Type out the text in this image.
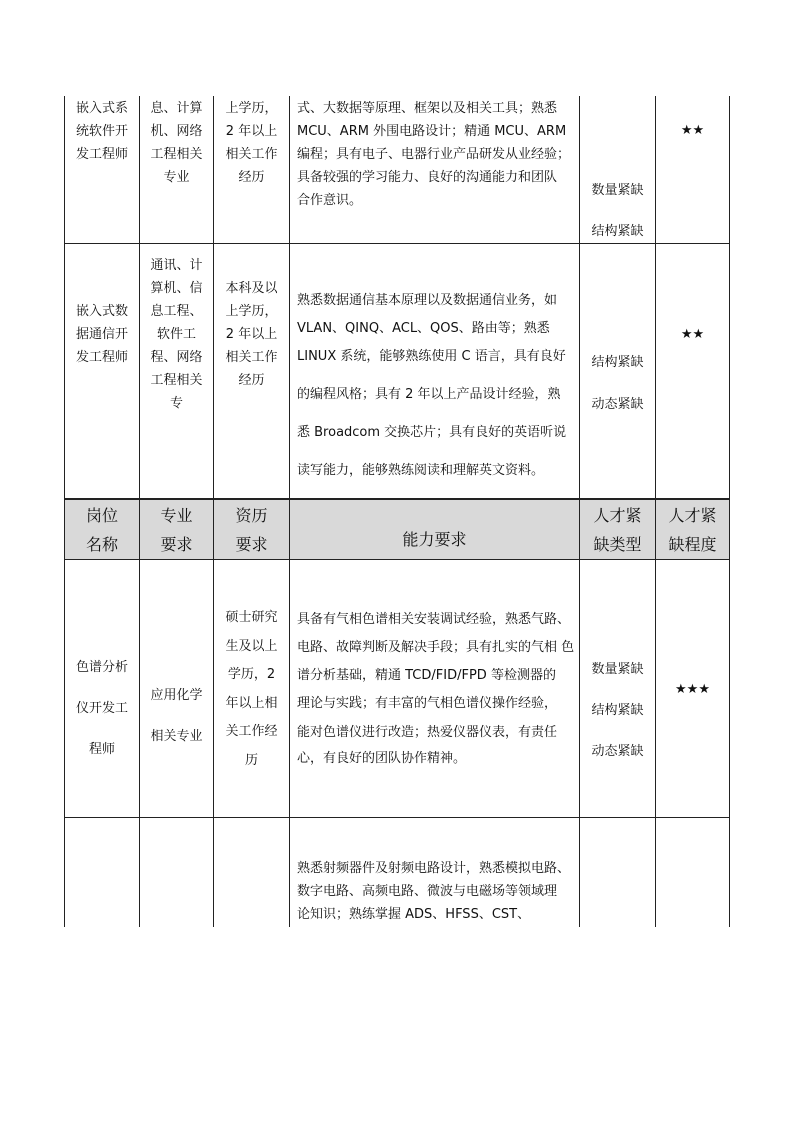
嵌入式系
统软件开
发工程师
息、计算
机、网络
工程相关
专业
上学历，
2 年以上
相关工作
经历
式、大数据等原理、框架以及相关工具；熟悉
MCU、ARM 外围电路设计；精通 MCU、ARM
编程；具有电子、电器行业产品研发从业经验；
具备较强的学习能力、良好的沟通能力和团队
合作意识。
数量紧缺
结构紧缺
★★
嵌入式数
据通信开
发工程师
通讯、计
算机、信
息工程、
软件工
程、网络
工程相关
专
本科及以
上学历，
2 年以上
相关工作
经历
熟悉数据通信基本原理以及数据通信业务，如
VLAN、QINQ、ACL、QOS、路由等；熟悉
LINUX 系统，能够熟练使用 C 语言，具有良好
的编程风格；具有 2 年以上产品设计经验，熟
悉 Broadcom 交换芯片；具有良好的英语听说
读写能力，能够熟练阅读和理解英文资料。
结构紧缺
动态紧缺
★★
岗位
名称
专业
要求
资历
要求	能力要求
人才紧
缺类型
人才紧
缺程度
色谱分析
仪开发工
程师
应用化学
相关专业
硕士研究
生及以上
学历，2
年以上相
关工作经
历
具备有气相色谱相关安装调试经验，熟悉气路、
电路、故障判断及解决手段；具有扎实的气相 色
谱分析基础，精通 TCD/FID/FPD 等检测器的
理论与实践；有丰富的气相色谱仪操作经验，
能对色谱仪进行改造；热爱仪器仪表，有责任
心，有良好的团队协作精神。
数量紧缺
结构紧缺
动态紧缺
★★★
熟悉射频器件及射频电路设计，熟悉模拟电路、
数字电路、高频电路、微波与电磁场等领域理
论知识；熟练掌握 ADS、HFSS、CST、
